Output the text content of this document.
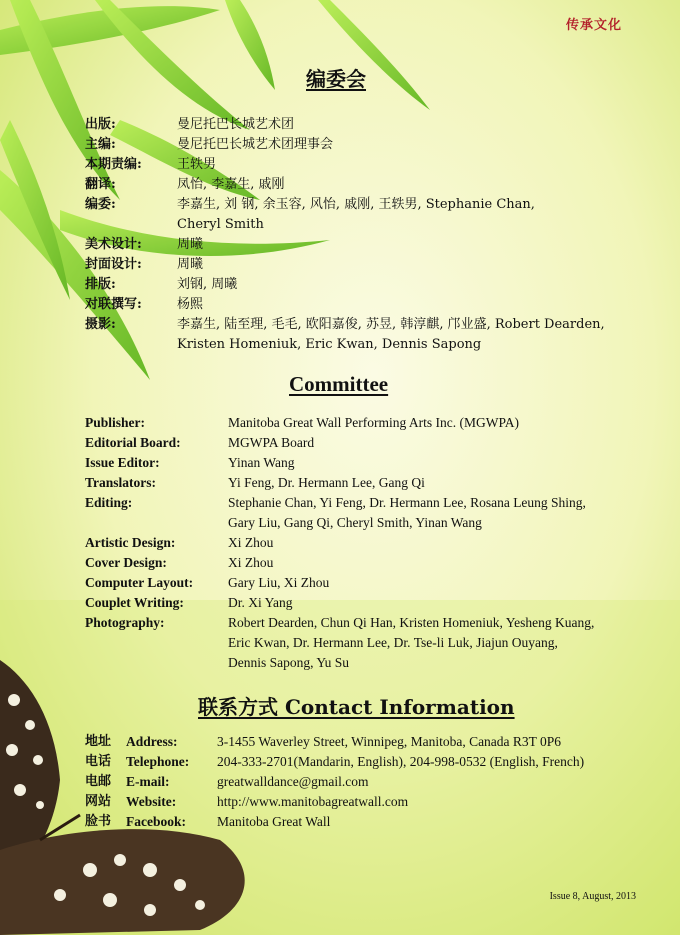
传承文化
编委会
出版:	曼尼托巴长城艺术团
主编:	曼尼托巴长城艺术团理事会
本期责编:	王轶男
翻译:	凤怡, 李嘉生, 戚刚
编委:	李嘉生, 刘 钢, 余玉容, 风怡, 戚刚, 王轶男, Stephanie Chan,
Cheryl Smith
美术设计:	周曦
封面设计:	周曦
排版:	刘钢, 周曦
对联撰写:	杨熙
摄影:	李嘉生, 陆至理, 毛毛, 欧阳嘉俊, 苏昱, 韩淳麒, 邝业盛, Robert Dearden,
Kristen Homeniuk, Eric Kwan, Dennis Sapong
Committee
Publisher:	Manitoba Great Wall Performing Arts Inc. (MGWPA)
Editorial Board:	MGWPA Board
Issue Editor:	Yinan Wang
Translators:	Yi Feng, Dr. Hermann Lee, Gang Qi
Editing:	Stephanie Chan, Yi Feng, Dr. Hermann Lee, Rosana Leung Shing,
Gary Liu, Gang Qi, Cheryl Smith, Yinan Wang
Artistic Design:	Xi Zhou
Cover Design:	Xi Zhou
Computer Layout:	Gary Liu, Xi Zhou
Couplet Writing:	Dr. Xi Yang
Photography:	Robert Dearden, Chun Qi Han, Kristen Homeniuk, Yesheng Kuang,
Eric Kwan, Dr. Hermann Lee, Dr. Tse-li Luk, Jiajun Ouyang,
Dennis Sapong, Yu Su
联系方式 Contact Information
地址 Address:	3-1455 Waverley Street, Winnipeg, Manitoba, Canada R3T 0P6
电话 Telephone: 204-333-2701(Mandarin, English), 204-998-0532 (English, French)
电邮 E-mail:	greatwalldance@gmail.com
网站 Website:	http://www.manitobagreatwall.com
脸书 Facebook: Manitoba Great Wall
Issue 8, August, 2013
